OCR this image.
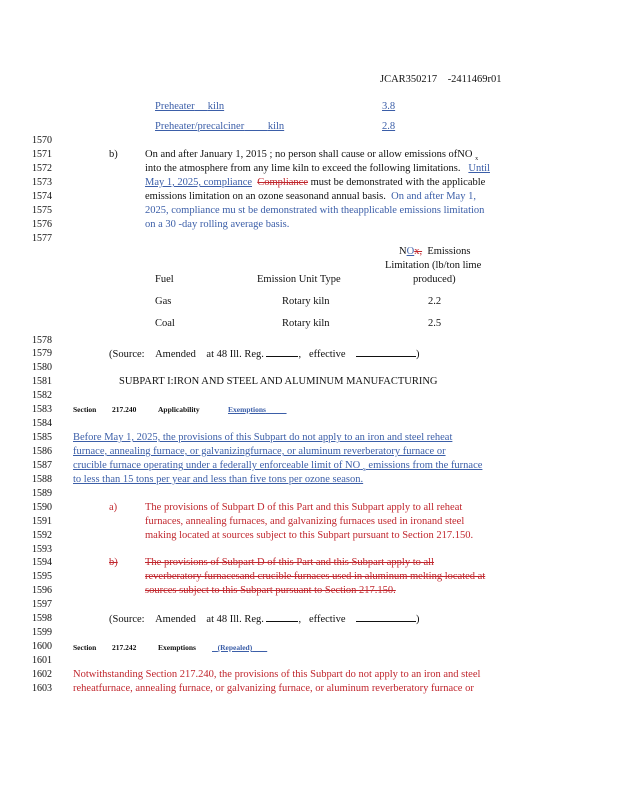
JCAR350217 -2411469r01
Preheater kiln	3.8
Preheater/precalciner kiln	2.8
1570
1571
1572
1573
1574
1575
1576
1577
1578
1579
1580
1581
1582
1583
1584
1585
1586
1587
1588
1589
1590
1591
1592
1593
1594
1595
1596
1597
1598
1599
1600
1601
1602
1603
b)	On and after January 1, 2015 ; no person shall cause or allow emissions ofNO $_x$
into the atmosphere from any lime kiln to exceed the following limitations. Until
May 1, 2025, compliance Compliance must be demonstrated with the applicable
emissions limitation on an ozone seasonand annual basis. On and after May 1,
2025, compliance mu st be demonstrated with theapplicable emissions limitation
on a 30 -day rolling average basis.
NOx, Emissions
Limitation (lb/ton lime
produced)
Fuel	Emission Unit Type
Gas	Rotary kiln	2.2
Coal	Rotary kiln	2.5
(Source: Amended at 48 Ill. Reg.	, effective	)
SUBPART I:IRON AND STEEL AND ALUMINUM MANUFACTURING
Section 217.240	Applicability	Exemptions
Before May 1, 2025, the provisions of this Subpart do not apply to an iron and steel reheat
furnace, annealing furnace, or galvanizingfurnace, or aluminum reverberatory furnace or
crucible furnace operating under a federally enforceable limit of NO $_x$ emissions from the furnace
to less than 15 tons per year and less than five tons per ozone season.
a)	The provisions of Subpart D of this Part and this Subpart apply to all reheat
furnaces, annealing furnaces, and galvanizing furnaces used in ironand steel
making located at sources subject to this Subpart pursuant to Section 217.150.
b)	The provisions of Subpart D of this Part and this Subpart apply to all
reverberatory furnacesand crucible furnaces used in aluminum melting located at
sources subject to this Subpart pursuant to Section 217.150.
(Source: Amended at 48 Ill. Reg.	, effective	)
Section 217.242	Exemptions	(Repealed)
Notwithstanding Section 217.240, the provisions of this Subpart do not apply to an iron and steel
reheatfurnace, annealing furnace, or galvanizing furnace, or aluminum reverberatory furnace or
